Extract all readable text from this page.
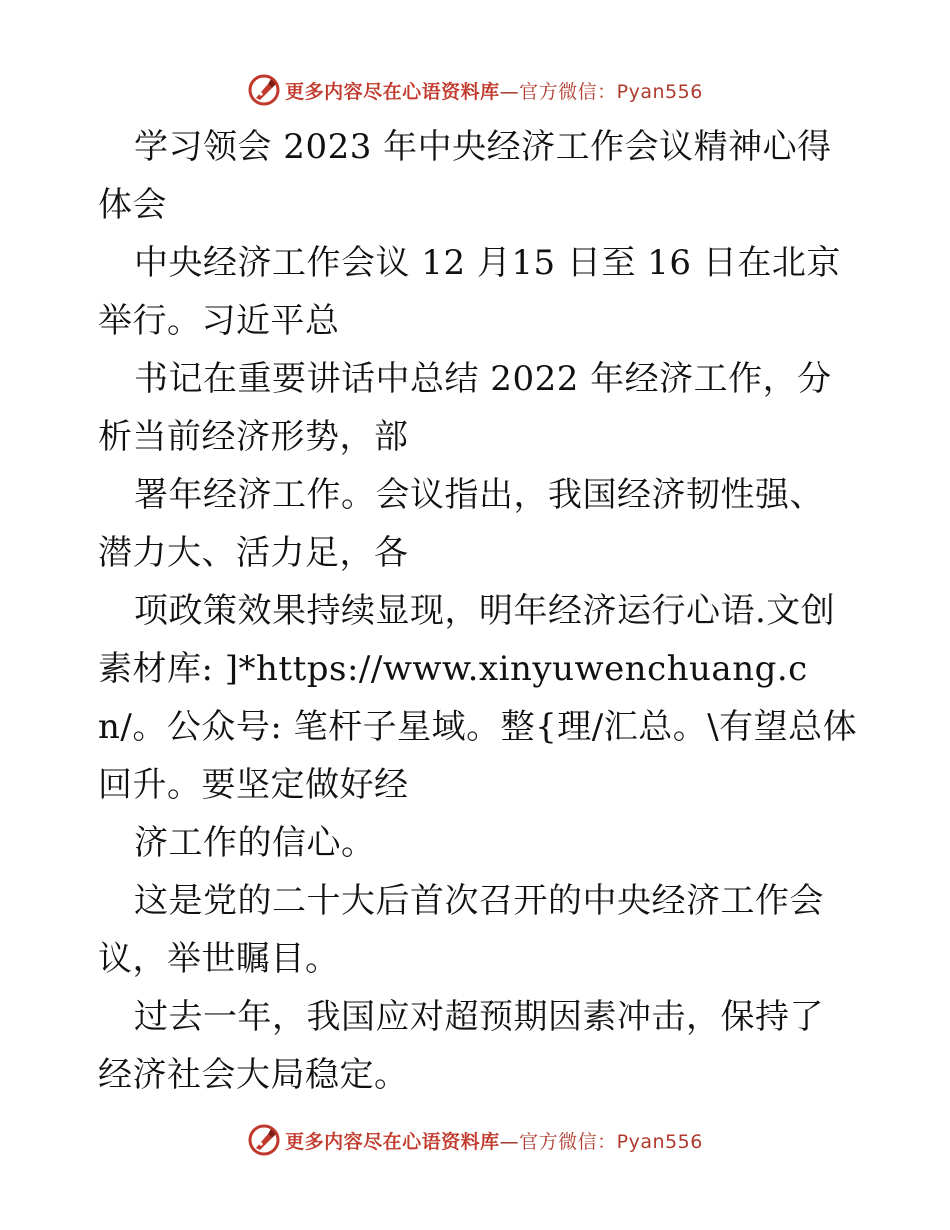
更多内容尽在心语资料库—官方微信：Pyan556

学习领会 2023 年中央经济工作会议精神心得体会

中央经济工作会议 12 月15 日至 16 日在北京举行。习近平总

书记在重要讲话中总结 2022 年经济工作，分析当前经济形势，部

署年经济工作。会议指出，我国经济韧性强、潜力大、活力足，各

项政策效果持续显现，明年经济运行心语.文创素材库: ]*https://www.xinyuwenchuang.cn/。公众号: 笔杆子星域。整{理/汇总。\有望总体回升。要坚定做好经

济工作的信心。

这是党的二十大后首次召开的中央经济工作会议，举世瞩目。

过去一年，我国应对超预期因素冲击，保持了经济社会大局稳定。

更多内容尽在心语资料库—官方微信：Pyan556
